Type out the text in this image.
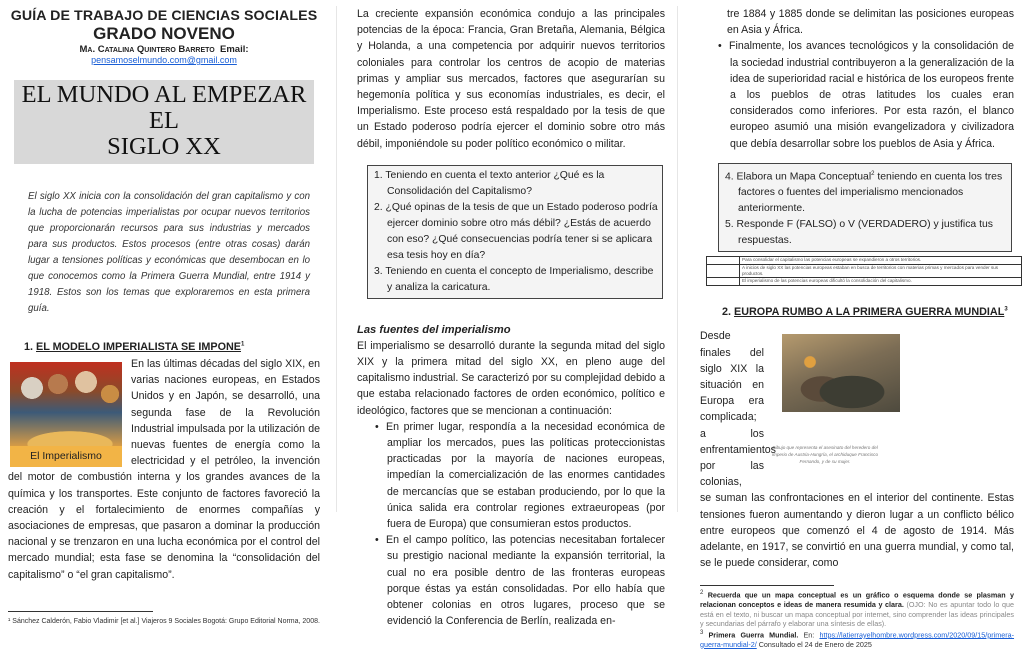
GUÍA DE TRABAJO DE CIENCIAS SOCIALES
GRADO NOVENO
Ma. Catalina Quintero Barreto Email:
pensamoselmundo.com@gmail.com
EL MUNDO AL EMPEZAR EL
SIGLO XX
El siglo XX inicia con la consolidación del gran capitalismo y con la lucha de potencias imperialistas por ocupar nuevos territorios que proporcionarán recursos para sus industrias y mercados para sus productos. Estos procesos (entre otras cosas) darán lugar a tensiones políticas y económicas que desembocan en lo que conocemos como la Primera Guerra Mundial, entre 1914 y 1918. Estos son los temas que exploraremos en esta primera guía.
1. EL MODELO IMPERIALISTA SE IMPONE$^1$
El Imperialismo
En las últimas décadas del siglo XIX, en varias naciones europeas, en Estados Unidos y en Japón, se desarrolló, una segunda fase de la Revolución Industrial impulsada por la utilización de nuevas fuentes de energía como la electricidad y el petróleo, la invención del motor de combustión interna y los grandes avances de la química y los transportes. Este conjunto de factores favoreció la creación y el fortalecimiento de enormes compañías y asociaciones de empresas, que pasaron a dominar la producción nacional y se trenzaron en una lucha económica por el control del mercado mundial; esta fase se denomina la “consolidación del capitalismo” o “el gran capitalismo”.
¹ Sánchez Calderón, Fabio Vladimir [et al.] Viajeros 9 Sociales Bogotá: Grupo Editorial Norma, 2008.
La creciente expansión económica condujo a las principales potencias de la época: Francia, Gran Bretaña, Alemania, Bélgica y Holanda, a una competencia por adquirir nuevos territorios coloniales para controlar los centros de acopio de materias primas y ampliar sus mercados, factores que asegurarían su hegemonía política y sus economías industriales, es decir, el Imperialismo. Este proceso está respaldado por la tesis de que un Estado poderoso podría ejercer el dominio sobre otro más débil, imponiéndole su poder político económico o militar.
1. Teniendo en cuenta el texto anterior ¿Qué es la Consolidación del Capitalismo?
2. ¿Qué opinas de la tesis de que un Estado poderoso podría ejercer dominio sobre otro más débil? ¿Estás de acuerdo con eso? ¿Qué consecuencias podría tener si se aplicara esa tesis hoy en día?
3. Teniendo en cuenta el concepto de Imperialismo, describe y analiza la caricatura.
Las fuentes del imperialismo
El imperialismo se desarrolló durante la segunda mitad del siglo XIX y la primera mitad del siglo XX, en pleno auge del capitalismo industrial. Se caracterizó por su complejidad debido a que estaba relacionado factores de orden económico, político e ideológico, factores que se mencionan a continuación:
• En primer lugar, respondía a la necesidad económica de ampliar los mercados, pues las políticas proteccionistas practicadas por la mayoría de naciones europeas, impedían la comercialización de las enormes cantidades de mercancías que se estaban produciendo, por lo que la única salida era controlar regiones extraeuropeas (por fuera de Europa) que consumieran estos productos.
• En el campo político, las potencias necesitaban fortalecer su prestigio nacional mediante la expansión territorial, la cual no era posible dentro de las fronteras europeas porque éstas ya están consolidadas. Por ello había que obtener colonias en otros lugares, proceso que se evidenció la Conferencia de Berlín, realizada en-
tre 1884 y 1885 donde se delimitan las posiciones europeas en Asia y África.
• Finalmente, los avances tecnológicos y la consolidación de la sociedad industrial contribuyeron a la generalización de la idea de superioridad racial e histórica de los europeos frente a los pueblos de otras latitudes los cuales eran considerados como inferiores. Por esta razón, el blanco europeo asumió una misión evangelizadora y civilizadora que debía desarrollar sobre los pueblos de Asia y África.
4. Elabora un Mapa Conceptual$^2$ teniendo en cuenta los tres factores o fuentes del imperialismo mencionados anteriormente.
5. Responde F (FALSO) o V (VERDADERO) y justifica tus respuestas.
	Para consolidar el capitalismo las potencias europeas se expandieron a otros territorios.
	A inicios de siglo XX las potencias europeas estaban en busca de territorios con materias primas y mercados para vender sus productos.
	El imperialismo de las potencias europeas dificultó la consolidación del capitalismo.
2. EUROPA RUMBO A LA PRIMERA GUERRA MUNDIAL$^3$
Desde finales del siglo XIX la situación en Europa era complicada; a los enfrentamientos por las colonias,
Dibujo que representa el asesinato del heredero del imperio de Austria-Hungría, el archiduque Francisco Fernando, y de su mujer.
se suman las confrontaciones en el interior del continente. Estas tensiones fueron aumentando y dieron lugar a un conflicto bélico entre europeos que comenzó el 4 de agosto de 1914. Más adelante, en 1917, se convirtió en una guerra mundial, y como tal, se le puede considerar, como
$^2$ Recuerda que un mapa conceptual es un gráfico o esquema donde se plasman y relacionan conceptos e ideas de manera resumida y clara. (OJO: No es apuntar todo lo que está en el texto, ni buscar un mapa conceptual por internet, sino comprender las ideas principales y secundarias del párrafo y elaborar una síntesis de ellas).
$^3$ Primera Guerra Mundial. En: https://latierrayelhombre.wordpress.com/2020/09/15/primera-guerra-mundial-2/ Consultado el 24 de Enero de 2025
